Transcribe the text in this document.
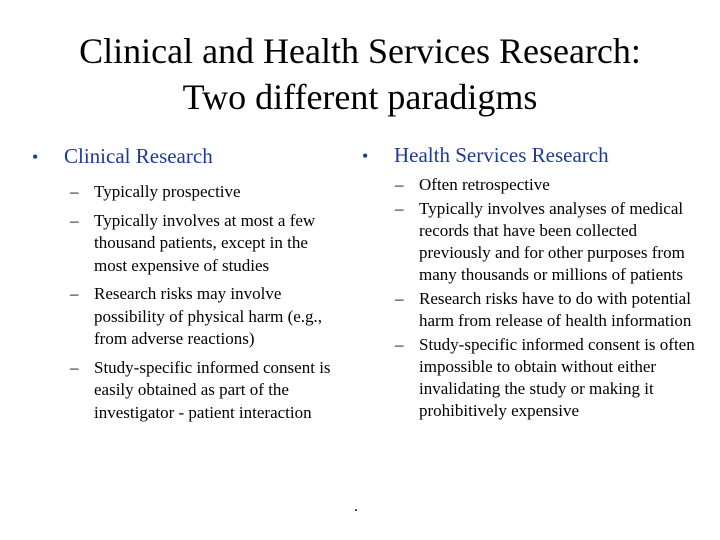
Clinical and Health Services Research:
Two different paradigms
•	Clinical Research
– Typically prospective
– Typically involves at most a few thousand patients, except in the most expensive of studies
– Research risks may involve possibility of physical harm (e.g., from adverse reactions)
– Study-specific informed consent is easily obtained as part of the investigator - patient interaction
•	Health Services Research
– Often retrospective
– Typically involves analyses of medical records that have been collected previously and for other purposes from many thousands or millions of patients
– Research risks have to do with potential harm from release of health information
– Study-specific informed consent is often impossible to obtain without either invalidating the study or making it prohibitively expensive
.
